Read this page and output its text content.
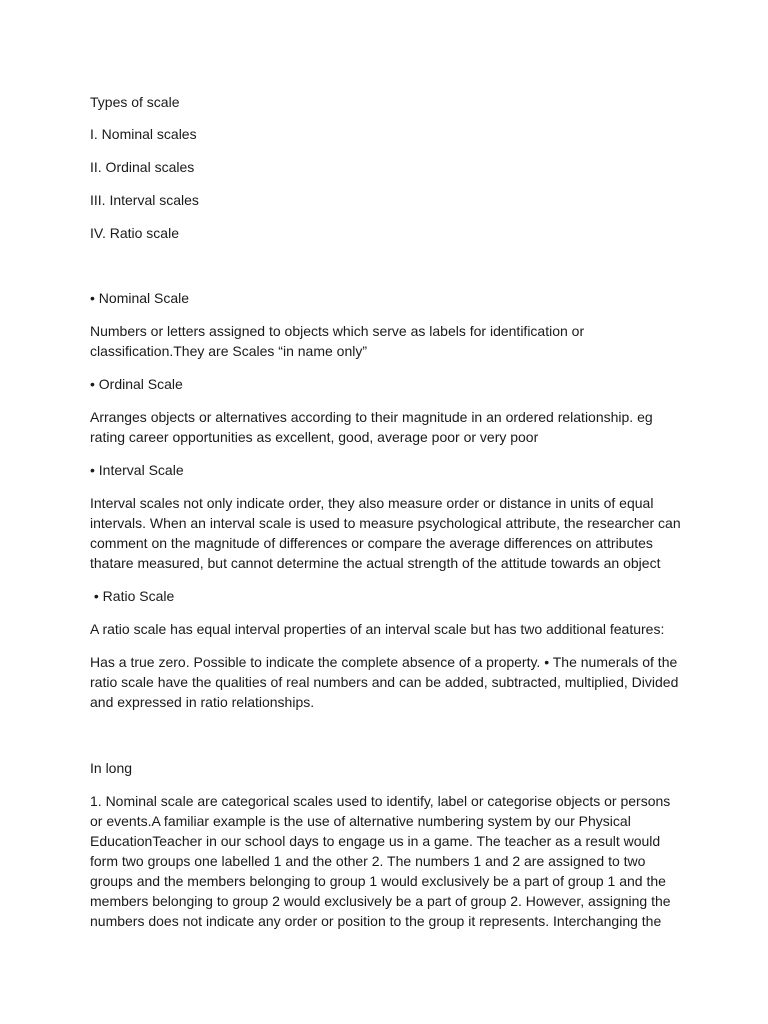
Types of scale

I. Nominal scales

II. Ordinal scales

III. Interval scales

IV. Ratio scale

• Nominal Scale

Numbers or letters assigned to objects which serve as labels for identification or
classification.They are Scales “in name only”

• Ordinal Scale

Arranges objects or alternatives according to their magnitude in an ordered relationship. eg
rating career opportunities as excellent, good, average poor or very poor

• Interval Scale

Interval scales not only indicate order, they also measure order or distance in units of equal
intervals. When an interval scale is used to measure psychological attribute, the researcher can
comment on the magnitude of differences or compare the average differences on attributes
thatare measured, but cannot determine the actual strength of the attitude towards an object

• Ratio Scale

A ratio scale has equal interval properties of an interval scale but has two additional features:
Has a true zero. Possible to indicate the complete absence of a property. • The numerals of the
ratio scale have the qualities of real numbers and can be added, subtracted, multiplied, Divided
and expressed in ratio relationships.

In long

1. Nominal scale are categorical scales used to identify, label or categorise objects or persons
or events.A familiar example is the use of alternative numbering system by our Physical
EducationTeacher in our school days to engage us in a game. The teacher as a result would
form two groups one labelled 1 and the other 2. The numbers 1 and 2 are assigned to two
groups and the members belonging to group 1 would exclusively be a part of group 1 and the
members belonging to group 2 would exclusively be a part of group 2. However, assigning the
numbers does not indicate any order or position to the group it represents. Interchanging the
